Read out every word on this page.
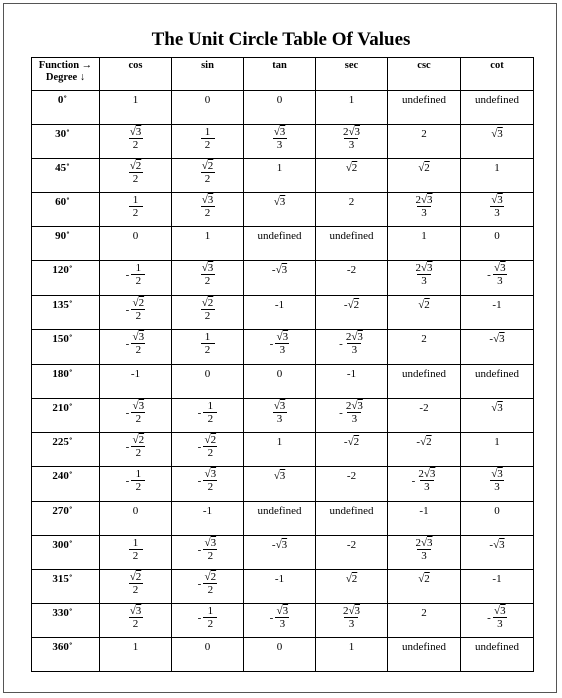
The Unit Circle Table Of Values
Function →
Degree ↓	cos	sin	tan	sec	csc	cot

0˚	1	0	0	1	undefined	undefined

30˚	$\frac{√3}{2}$	$\frac{1}{2}$	$\frac{√3}{3}$	$\frac{2√3}{3}$	2	√3

45˚	$\frac{√2}{2}$	$\frac{√2}{2}$	1	√2	√2	1

60˚	$\frac{1}{2}$	$\frac{√3}{2}$	√3	2	$\frac{2√3}{3}$	$\frac{√3}{3}$

90˚	0	1	undefined	undefined	1	0

120˚	- $\frac{1}{2}$	$\frac{√3}{2}$	-√3	-2	$\frac{2√3}{3}$	- $\frac{√3}{3}$

135˚	- $\frac{√2}{2}$	$\frac{√2}{2}$	-1	-√2	√2	-1

150˚	- $\frac{√3}{2}$	$\frac{1}{2}$	- $\frac{√3}{3}$	- $\frac{2√3}{3}$	2	-√3

180˚	-1	0	0	-1	undefined	undefined

210˚	- $\frac{√3}{2}$	- $\frac{1}{2}$	$\frac{√3}{3}$	- $\frac{2√3}{3}$	-2	√3

225˚	- $\frac{√2}{2}$	- $\frac{√2}{2}$	1	-√2	-√2	1

240˚	- $\frac{1}{2}$	- $\frac{√3}{2}$	√3	-2	- $\frac{2√3}{3}$	$\frac{√3}{3}$

270˚	0	-1	undefined	undefined	-1	0

300˚	$\frac{1}{2}$	- $\frac{√3}{2}$	-√3	-2	$\frac{2√3}{3}$	-√3

315˚	$\frac{√2}{2}$	- $\frac{√2}{2}$	-1	√2	√2	-1

330˚	$\frac{√3}{2}$	- $\frac{1}{2}$	- $\frac{√3}{3}$	$\frac{2√3}{3}$	2	- $\frac{√3}{3}$

360˚	1	0	0	1	undefined	undefined
